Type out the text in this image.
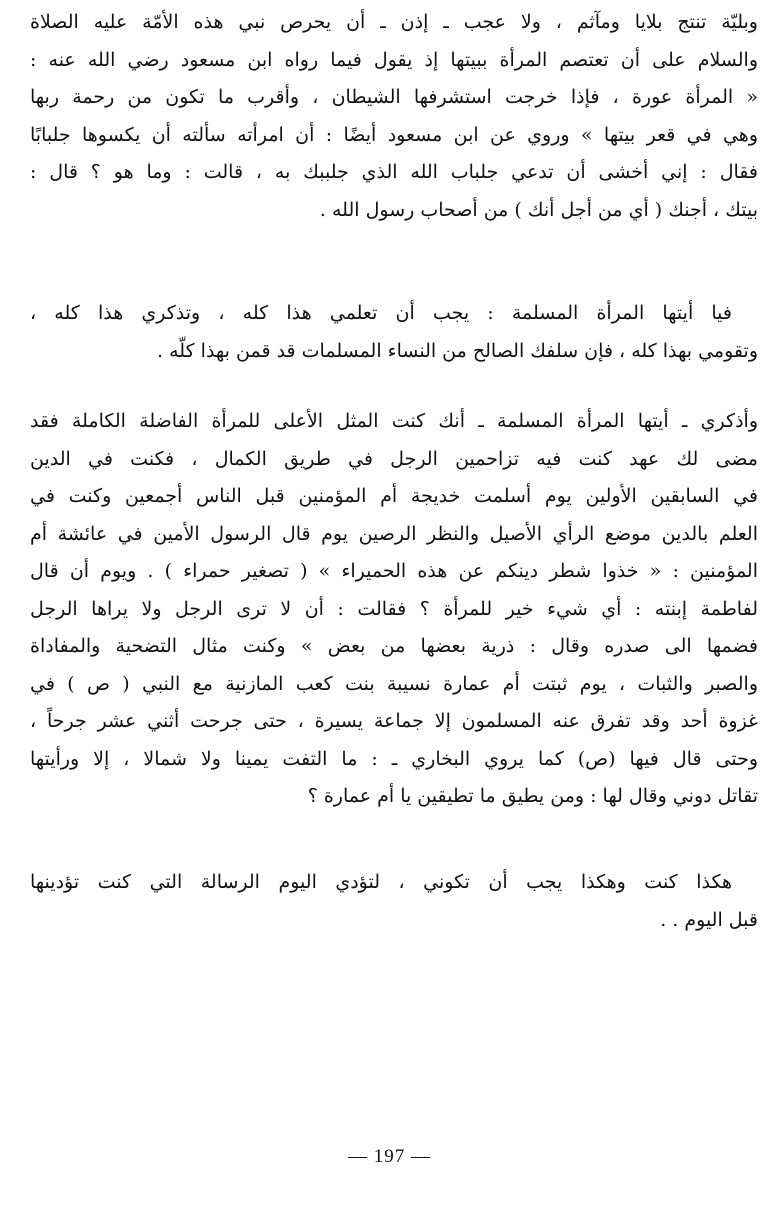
وبليّة تنتج بلايا ومآثم ، ولا عجب ـ إذن ـ أن يحرص نبي هذه الأمّة عليه الصلاة
والسلام على أن تعتصم المرأة ببيتها إذ يقول فيما رواه ابن مسعود رضي الله عنه :
« المرأة عورة ، فإذا خرجت استشرفها الشيطان ، وأقرب ما تكون من رحمة ربها
وهي في قعر بيتها » وروي عن ابن مسعود أيضًا : أن امرأته سألته أن يكسوها جلبابًا
فقال : إني أخشى أن تدعي جلباب الله الذي جلببك به ، قالت : وما هو ؟ قال :
بيتك ، أجنك ( أي من أجل أنك ) من أصحاب رسول الله .
فيا أيتها المرأة المسلمة : يجب أن تعلمي هذا كله ، وتذكري هذا كله ،
وتقومي بهذا كله ، فإن سلفك الصالح من النساء المسلمات قد قمن بهذا كلّه .
وأذكري ـ أيتها المرأة المسلمة ـ أنك كنت المثل الأعلى للمرأة الفاضلة الكاملة فقد
مضى لك عهد كنت فيه تزاحمين الرجل في طريق الكمال ، فكنت في الدين
في السابقين الأولين يوم أسلمت خديجة أم المؤمنين قبل الناس أجمعين وكنت في
العلم بالدين موضع الرأي الأصيل والنظر الرصين يوم قال الرسول الأمين في عائشة أم
المؤمنين : « خذوا شطر دينكم عن هذه الحميراء » ( تصغير حمراء ) . ويوم أن قال
لفاطمة إبنته : أي شيء خير للمرأة ؟ فقالت : أن لا ترى الرجل ولا يراها الرجل
فضمها الى صدره وقال : ذرية بعضها من بعض » وكنت مثال التضحية والمفاداة
والصبر والثبات ، يوم ثبتت أم عمارة نسيبة بنت كعب المازنية مع النبي ( ص ) في
غزوة أحد وقد تفرق عنه المسلمون إلا جماعة يسيرة ، حتى جرحت أثني عشر جرحاً ،
وحتى قال فيها (ص) كما يروي البخاري ـ : ما التفت يمينا ولا شمالا ، إلا ورأيتها
تقاتل دوني وقال لها : ومن يطيق ما تطيقين يا أم عمارة ؟
هكذا كنت وهكذا يجب أن تكوني ، لتؤدي اليوم الرسالة التي كنت تؤدينها
قبل اليوم . .
— 197 —
